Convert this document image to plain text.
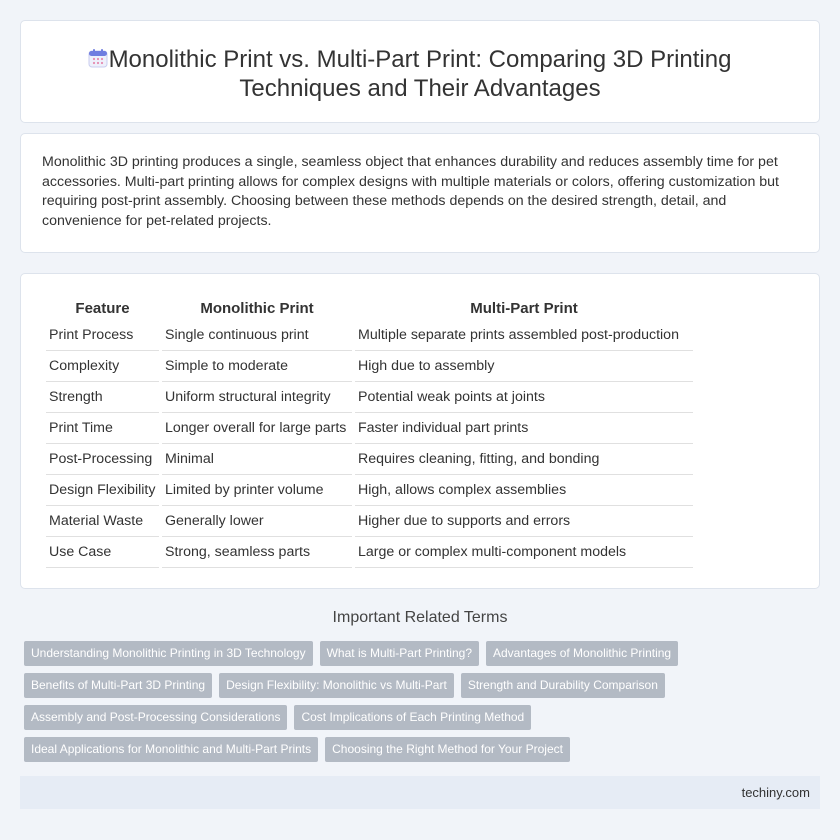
Monolithic Print vs. Multi-Part Print: Comparing 3D Printing
Techniques and Their Advantages

Monolithic 3D printing produces a single, seamless object that enhances durability and reduces assembly time for pet accessories. Multi-part printing allows for complex designs with multiple materials or colors, offering customization but requiring post-print assembly. Choosing between these methods depends on the desired strength, detail, and convenience for pet-related projects.

Feature	Monolithic Print	Multi-Part Print
Print Process	Single continuous print	Multiple separate prints assembled post-production
Complexity	Simple to moderate	High due to assembly
Strength	Uniform structural integrity	Potential weak points at joints
Print Time	Longer overall for large parts	Faster individual part prints
Post-Processing	Minimal	Requires cleaning, fitting, and bonding
Design Flexibility	Limited by printer volume	High, allows complex assemblies
Material Waste	Generally lower	Higher due to supports and errors
Use Case	Strong, seamless parts	Large or complex multi-component models
Important Related Terms
Understanding Monolithic Printing in 3D Technology	What is Multi-Part Printing?	Advantages of Monolithic Printing
Benefits of Multi-Part 3D Printing	Design Flexibility: Monolithic vs Multi-Part	Strength and Durability Comparison
Assembly and Post-Processing Considerations	Cost Implications of Each Printing Method
Ideal Applications for Monolithic and Multi-Part Prints	Choosing the Right Method for Your Project
techiny.com
